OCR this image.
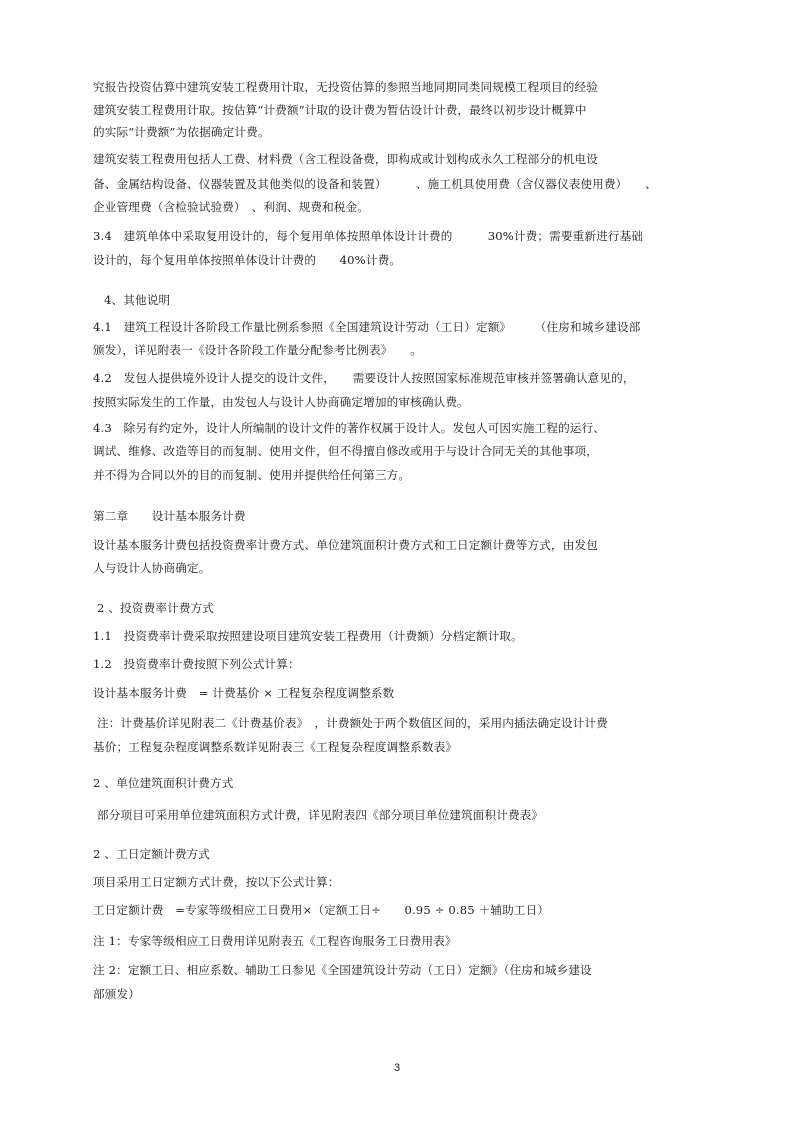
究报告投资估算中建筑安装工程费用计取，无投资估算的参照当地同期同类同规模工程项目的经验
建筑安装工程费用计取。按估算“计费额”计取的设计费为暂估设计计费，最终以初步设计概算中
的实际“计费额”为依据确定计费。
建筑安装工程费用包括人工费、材料费（含工程设备费，即构成或计划构成永久工程部分的机电设
备、金属结构设备、仪器装置及其他类似的设备和装置）　　　、施工机具使用费（含仪器仪表使用费）　　、
企业管理费（含检验试验费）　、利润、规费和税金。
3.4　建筑单体中采取复用设计的，每个复用单体按照单体设计计费的　　　30%计费；需要重新进行基础
设计的，每个复用单体按照单体设计计费的　　40%计费。
4、其他说明
4.1　建筑工程设计各阶段工作量比例系参照《全国建筑设计劳动（工日）定额》　　　（住房和城乡建设部
颁发），详见附表一《设计各阶段工作量分配参考比例表》　　。
4.2　发包人提供境外设计人提交的设计文件，　　需要设计人按照国家标准规范审核并签署确认意见的，
按照实际发生的工作量，由发包人与设计人协商确定增加的审核确认费。
4.3　除另有约定外，设计人所编制的设计文件的著作权属于设计人。发包人可因实施工程的运行、
调试、维修、改造等目的而复制、使用文件，但不得擅自修改或用于与设计合同无关的其他事项，
并不得为合同以外的目的而复制、使用并提供给任何第三方。
第二章　　设计基本服务计费
设计基本服务计费包括投资费率计费方式、单位建筑面积计费方式和工日定额计费等方式，由发包
人与设计人协商确定。
2 、投资费率计费方式
1.1　投资费率计费采取按照建设项目建筑安装工程费用（计费额）分档定额计取。
1.2　投资费率计费按照下列公式计算：
设计基本服务计费　= 计费基价 × 工程复杂程度调整系数
注：计费基价详见附表二《计费基价表》　，计费额处于两个数值区间的，采用内插法确定设计计费
基价；工程复杂程度调整系数详见附表三《工程复杂程度调整系数表》
2 、单位建筑面积计费方式
部分项目可采用单位建筑面积方式计费，详见附表四《部分项目单位建筑面积计费表》
2 、工日定额计费方式
项目采用工日定额方式计费，按以下公式计算：
工日定额计费　=专家等级相应工日费用×（定额工日÷　　0.95 ÷ 0.85 ＋辅助工日）
注 1：专家等级相应工日费用详见附表五《工程咨询服务工日费用表》
注 2：定额工日、相应系数、辅助工日参见《全国建筑设计劳动（工日）定额》（住房和城乡建设
部颁发）
3
